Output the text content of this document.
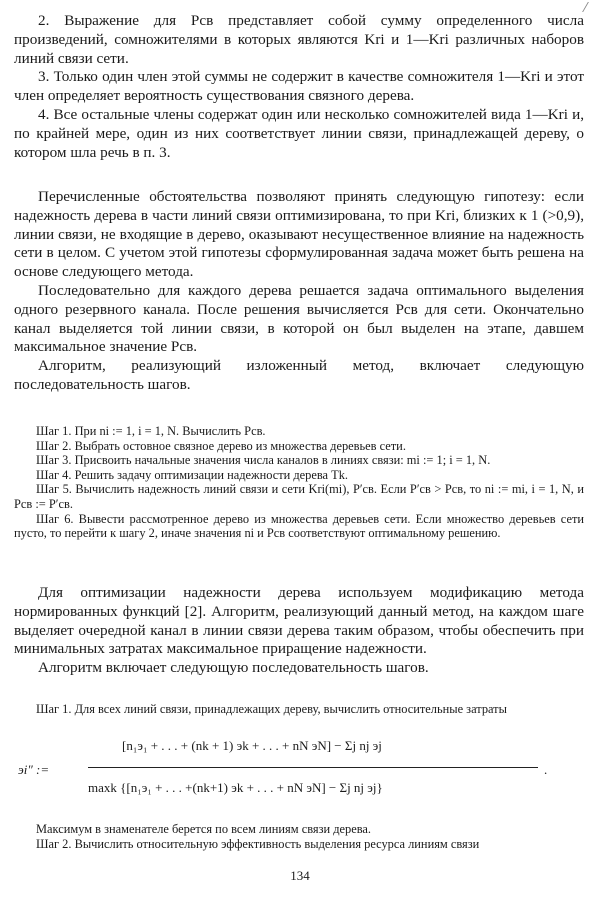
2. Выражение для Pсв представляет собой сумму определенного числа произведений, сомножителями в которых являются Kri и 1—Kri различных наборов линий связи сети.

3. Только один член этой суммы не содержит в качестве сомножителя 1—Kri и этот член определяет вероятность существования связного дерева.

4. Все остальные члены содержат один или несколько сомножителей вида 1—Kri и, по крайней мере, один из них соответствует линии связи, принадлежащей дереву, о котором шла речь в п. 3.

Перечисленные обстоятельства позволяют принять следующую гипотезу: если надежность дерева в части линий связи оптимизирована, то при Kri, близких к 1 (>0,9), линии связи, не входящие в дерево, оказывают несущественное влияние на надежность сети в целом. С учетом этой гипотезы сформулированная задача может быть решена на основе следующего метода.

Последовательно для каждого дерева решается задача оптимального выделения одного резервного канала. После решения вычисляется Pсв для сети. Окончательно канал выделяется той линии связи, в которой он был выделен на этапе, давшем максимальное значение Pсв.

Алгоритм, реализующий изложенный метод, включает следующую последовательность шагов.

Шаг 1. При ni := 1, i = 1, N. Вычислить Pсв.

Шаг 2. Выбрать остовное связное дерево из множества деревьев сети.

Шаг 3. Присвоить начальные значения числа каналов в линиях связи: mi := 1; i = 1, N.

Шаг 4. Решить задачу оптимизации надежности дерева Tk.

Шаг 5. Вычислить надежность линий связи и сети Kri(mi), P′св. Если P′св > Pсв, то ni := mi, i = 1, N, и Pсв := P′св.

Шаг 6. Вывести рассмотренное дерево из множества деревьев сети. Если множество деревьев сети пусто, то перейти к шагу 2, иначе значения ni и Pсв соответствуют оптимальному решению.

Для оптимизации надежности дерева используем модификацию метода нормированных функций [2]. Алгоритм, реализующий данный метод, на каждом шаге выделяет очередной канал в линии связи дерева таким образом, чтобы обеспечить при минимальных затратах максимальное приращение надежности.

Алгоритм включает следующую последовательность шагов.

Шаг 1. Для всех линий связи, принадлежащих дереву, вычислить относительные затраты

эi″ :=
[n₁э₁ + . . . + (nk + 1) эk + . . . + nN эN] − Σj nj эj
maxk {[n₁э₁ + . . . +(nk+1) эk + . . . + nN эN] − Σj nj эj}
.

Максимум в знаменателе берется по всем линиям связи дерева.

Шаг 2. Вычислить относительную эффективность выделения ресурса линиям связи

134
